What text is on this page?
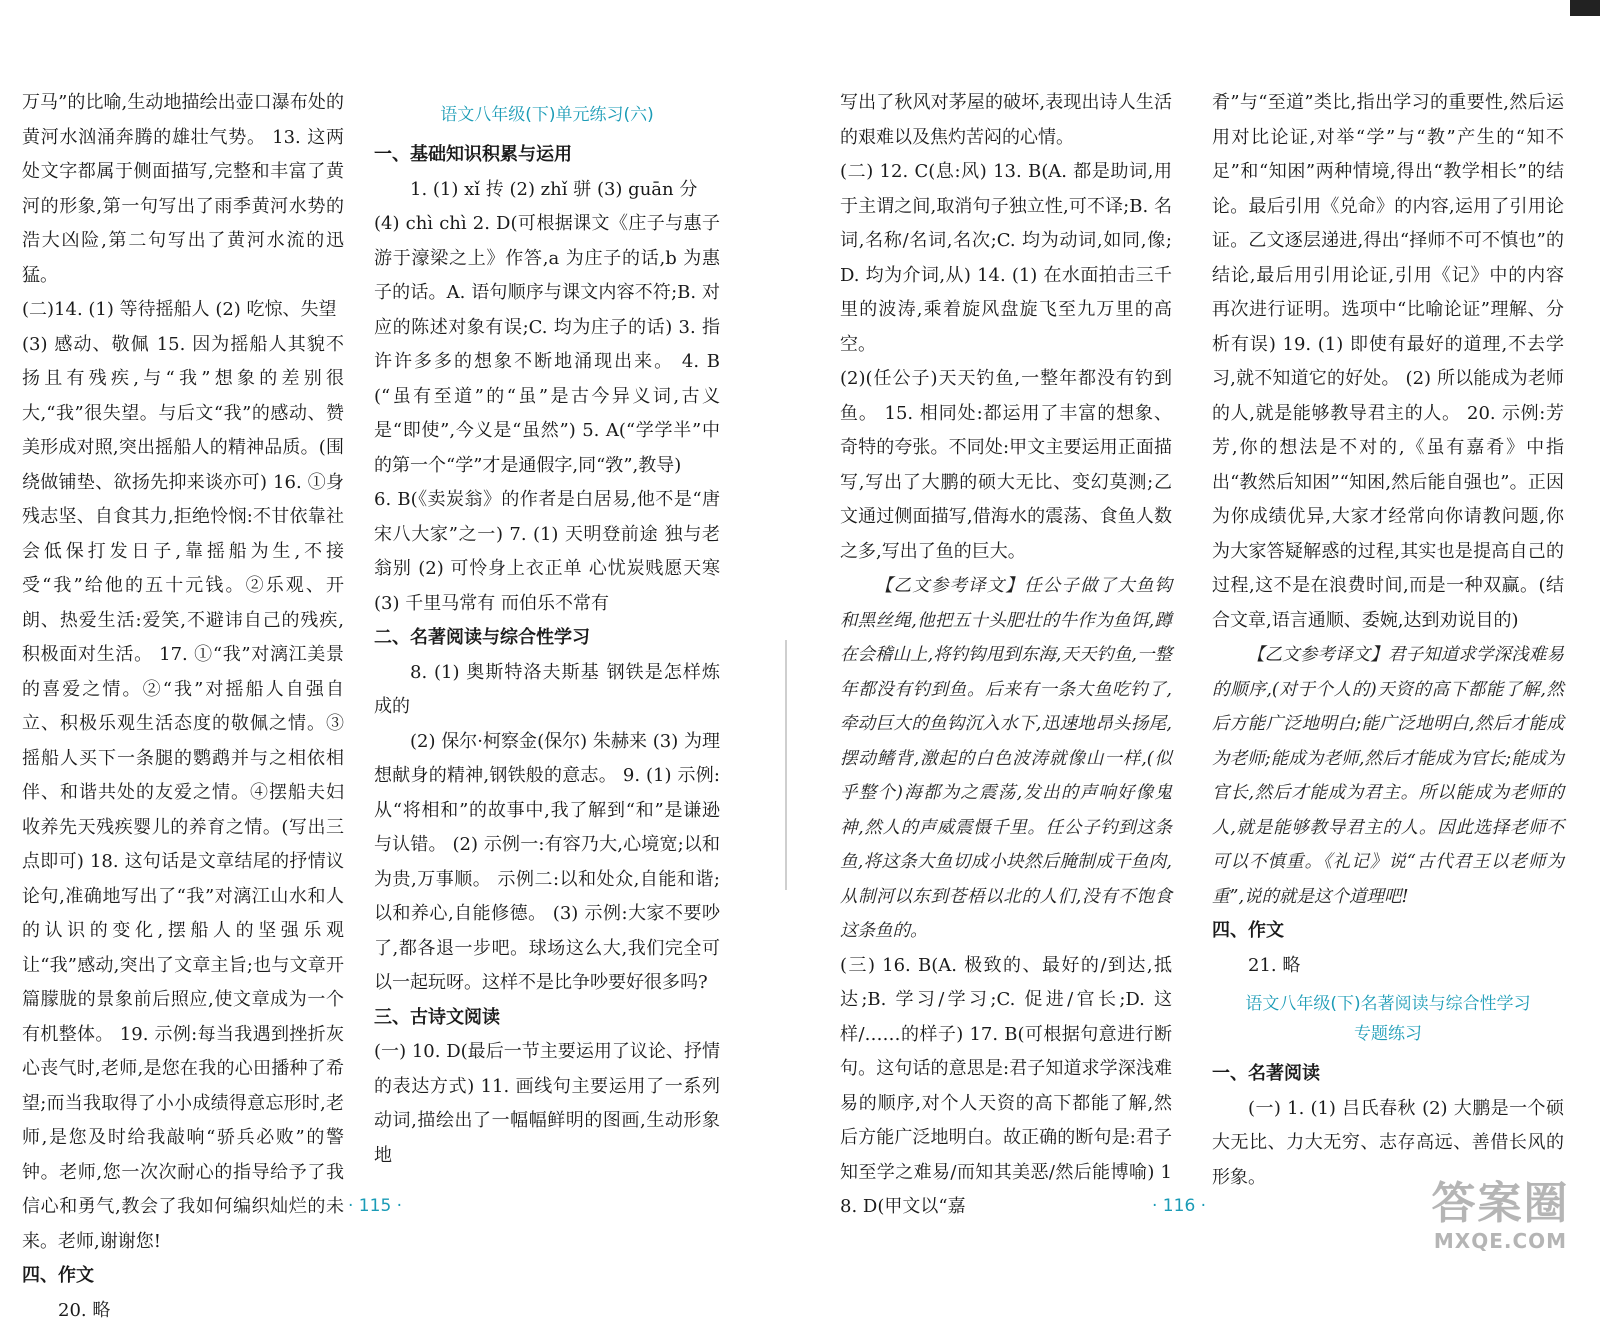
万马”的比喻,生动地描绘出壶口瀑布处的黄河水汹涌奔腾的雄壮气势。 13. 这两处文字都属于侧面描写,完整和丰富了黄河的形象,第一句写出了雨季黄河水势的浩大凶险,第二句写出了黄河水流的迅猛。

(二)14. (1) 等待摇船人 (2) 吃惊、失望

(3) 感动、敬佩 15. 因为摇船人其貌不扬且有残疾,与“我”想象的差别很大,“我”很失望。与后文“我”的感动、赞美形成对照,突出摇船人的精神品质。(围绕做铺垫、欲扬先抑来谈亦可) 16. ①身残志坚、自食其力,拒绝怜悯:不甘依靠社会低保打发日子,靠摇船为生,不接受“我”给他的五十元钱。②乐观、开朗、热爱生活:爱笑,不避讳自己的残疾,积极面对生活。 17. ①“我”对漓江美景的喜爱之情。②“我”对摇船人自强自立、积极乐观生活态度的敬佩之情。③摇船人买下一条腿的鹦鹉并与之相依相伴、和谐共处的友爱之情。④摆船夫妇收养先天残疾婴儿的养育之情。(写出三点即可) 18. 这句话是文章结尾的抒情议论句,准确地写出了“我”对漓江山水和人的认识的变化,摆船人的坚强乐观让“我”感动,突出了文章主旨;也与文章开篇朦胧的景象前后照应,使文章成为一个有机整体。 19. 示例:每当我遇到挫折灰心丧气时,老师,是您在我的心田播种了希望;而当我取得了小小成绩得意忘形时,老师,是您及时给我敲响“骄兵必败”的警钟。老师,您一次次耐心的指导给予了我信心和勇气,教会了我如何编织灿烂的未来。老师,谢谢您!

四、作文

20. 略

语文八年级(下)单元练习(六)
一、基础知识积累与运用

1. (1) xǐ 抟 (2) zhǐ 骈 (3) guān 分

(4) chì chì 2. D(可根据课文《庄子与惠子游于濠梁之上》作答,a 为庄子的话,b 为惠子的话。A. 语句顺序与课文内容不符;B. 对应的陈述对象有误;C. 均为庄子的话) 3. 指许许多多的想象不断地涌现出来。 4. B(“虽有至道”的“虽”是古今异义词,古义是“即使”,今义是“虽然”) 5. A(“学学半”中的第一个“学”才是通假字,同“敩”,教导)

6. B(《卖炭翁》的作者是白居易,他不是“唐宋八大家”之一) 7. (1) 天明登前途 独与老翁别 (2) 可怜身上衣正单 心忧炭贱愿天寒 (3) 千里马常有 而伯乐不常有

二、名著阅读与综合性学习

8. (1) 奥斯特洛夫斯基 钢铁是怎样炼成的

(2) 保尔·柯察金(保尔) 朱赫来 (3) 为理想献身的精神,钢铁般的意志。 9. (1) 示例:从“将相和”的故事中,我了解到“和”是谦逊与认错。 (2) 示例一:有容乃大,心境宽;以和为贵,万事顺。 示例二:以和处众,自能和谐;以和养心,自能修德。 (3) 示例:大家不要吵了,都各退一步吧。球场这么大,我们完全可以一起玩呀。这样不是比争吵要好很多吗?

三、古诗文阅读

(一) 10. D(最后一节主要运用了议论、抒情的表达方式) 11. 画线句主要运用了一系列动词,描绘出了一幅幅鲜明的图画,生动形象地

写出了秋风对茅屋的破坏,表现出诗人生活的艰难以及焦灼苦闷的心情。

(二) 12. C(息:风) 13. B(A. 都是助词,用于主谓之间,取消句子独立性,可不译;B. 名词,名称/名词,名次;C. 均为动词,如同,像;D. 均为介词,从) 14. (1) 在水面拍击三千里的波涛,乘着旋风盘旋飞至九万里的高空。

(2)(任公子)天天钓鱼,一整年都没有钓到鱼。 15. 相同处:都运用了丰富的想象、奇特的夸张。不同处:甲文主要运用正面描写,写出了大鹏的硕大无比、变幻莫测;乙文通过侧面描写,借海水的震荡、食鱼人数之多,写出了鱼的巨大。

【乙文参考译文】任公子做了大鱼钩和黑丝绳,他把五十头肥壮的牛作为鱼饵,蹲在会稽山上,将钓钩甩到东海,天天钓鱼,一整年都没有钓到鱼。后来有一条大鱼吃钓了,牵动巨大的鱼钩沉入水下,迅速地昂头扬尾,摆动鳍背,激起的白色波涛就像山一样,(似乎整个)海都为之震荡,发出的声响好像鬼神,然人的声威震慑千里。任公子钓到这条鱼,将这条大鱼切成小块然后腌制成干鱼肉,从制河以东到苍梧以北的人们,没有不饱食这条鱼的。

(三) 16. B(A. 极致的、最好的/到达,抵达;B. 学习/学习;C. 促进/官长;D. 这样/……的样子) 17. B(可根据句意进行断句。这句话的意思是:君子知道求学深浅难易的顺序,对个人天资的高下都能了解,然后方能广泛地明白。故正确的断句是:君子知至学之难易/而知其美恶/然后能博喻) 18. D(甲文以“嘉

肴”与“至道”类比,指出学习的重要性,然后运用对比论证,对举“学”与“教”产生的“知不足”和“知困”两种情境,得出“教学相长”的结论。最后引用《兑命》的内容,运用了引用论证。乙文逐层递进,得出“择师不可不慎也”的结论,最后用引用论证,引用《记》中的内容再次进行证明。选项中“比喻论证”理解、分析有误) 19. (1) 即使有最好的道理,不去学习,就不知道它的好处。 (2) 所以能成为老师的人,就是能够教导君主的人。 20. 示例:芳芳,你的想法是不对的,《虽有嘉肴》中指出“教然后知困”“知困,然后能自强也”。正因为你成绩优异,大家才经常向你请教问题,你为大家答疑解惑的过程,其实也是提高自己的过程,这不是在浪费时间,而是一种双赢。(结合文章,语言通顺、委婉,达到劝说目的)

【乙文参考译文】君子知道求学深浅难易的顺序,(对于个人的)天资的高下都能了解,然后方能广泛地明白;能广泛地明白,然后才能成为老师;能成为老师,然后才能成为官长;能成为官长,然后才能成为君主。所以能成为老师的人,就是能够教导君主的人。因此选择老师不可以不慎重。《礼记》说“古代君王以老师为重”,说的就是这个道理吧!

四、作文

21. 略

语文八年级(下)名著阅读与综合性学习
专题练习
一、名著阅读

(一) 1. (1) 吕氏春秋 (2) 大鹏是一个硕大无比、力大无穷、志存高远、善借长风的形象。

· 115 ·	· 116 ·	答案圈
MXQE.COM
